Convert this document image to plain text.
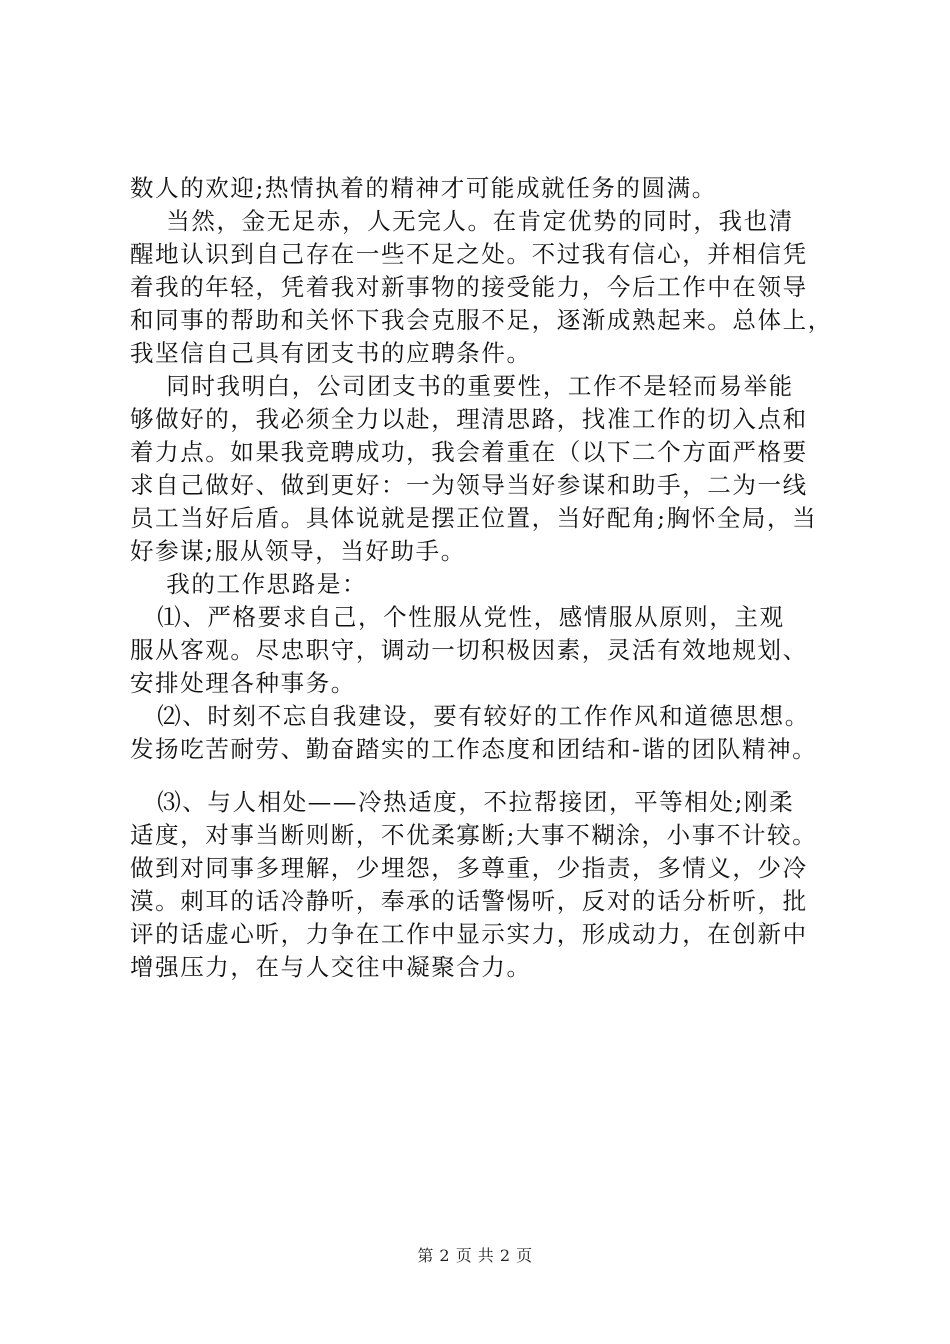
数人的欢迎;热情执着的精神才可能成就任务的圆满。
当然，金无足赤，人无完人。在肯定优势的同时，我也清
醒地认识到自己存在一些不足之处。不过我有信心，并相信凭
着我的年轻，凭着我对新事物的接受能力，今后工作中在领导
和同事的帮助和关怀下我会克服不足，逐渐成熟起来。总体上，
我坚信自己具有团支书的应聘条件。
同时我明白，公司团支书的重要性，工作不是轻而易举能
够做好的，我必须全力以赴，理清思路，找准工作的切入点和
着力点。如果我竞聘成功，我会着重在（以下二个方面严格要
求自己做好、做到更好：一为领导当好参谋和助手，二为一线
员工当好后盾。具体说就是摆正位置，当好配角;胸怀全局，当
好参谋;服从领导，当好助手。
我的工作思路是：
⑴、严格要求自己，个性服从党性，感情服从原则，主观
服从客观。尽忠职守，调动一切积极因素，灵活有效地规划、
安排处理各种事务。
⑵、时刻不忘自我建设，要有较好的工作作风和道德思想。
发扬吃苦耐劳、勤奋踏实的工作态度和团结和-谐的团队精神。
⑶、与人相处——冷热适度，不拉帮接团，平等相处;刚柔
适度，对事当断则断，不优柔寡断;大事不糊涂，小事不计较。
做到对同事多理解，少埋怨，多尊重，少指责，多情义，少冷
漠。刺耳的话冷静听，奉承的话警惕听，反对的话分析听，批
评的话虚心听，力争在工作中显示实力，形成动力，在创新中
增强压力，在与人交往中凝聚合力。
第 2 页 共 2 页
